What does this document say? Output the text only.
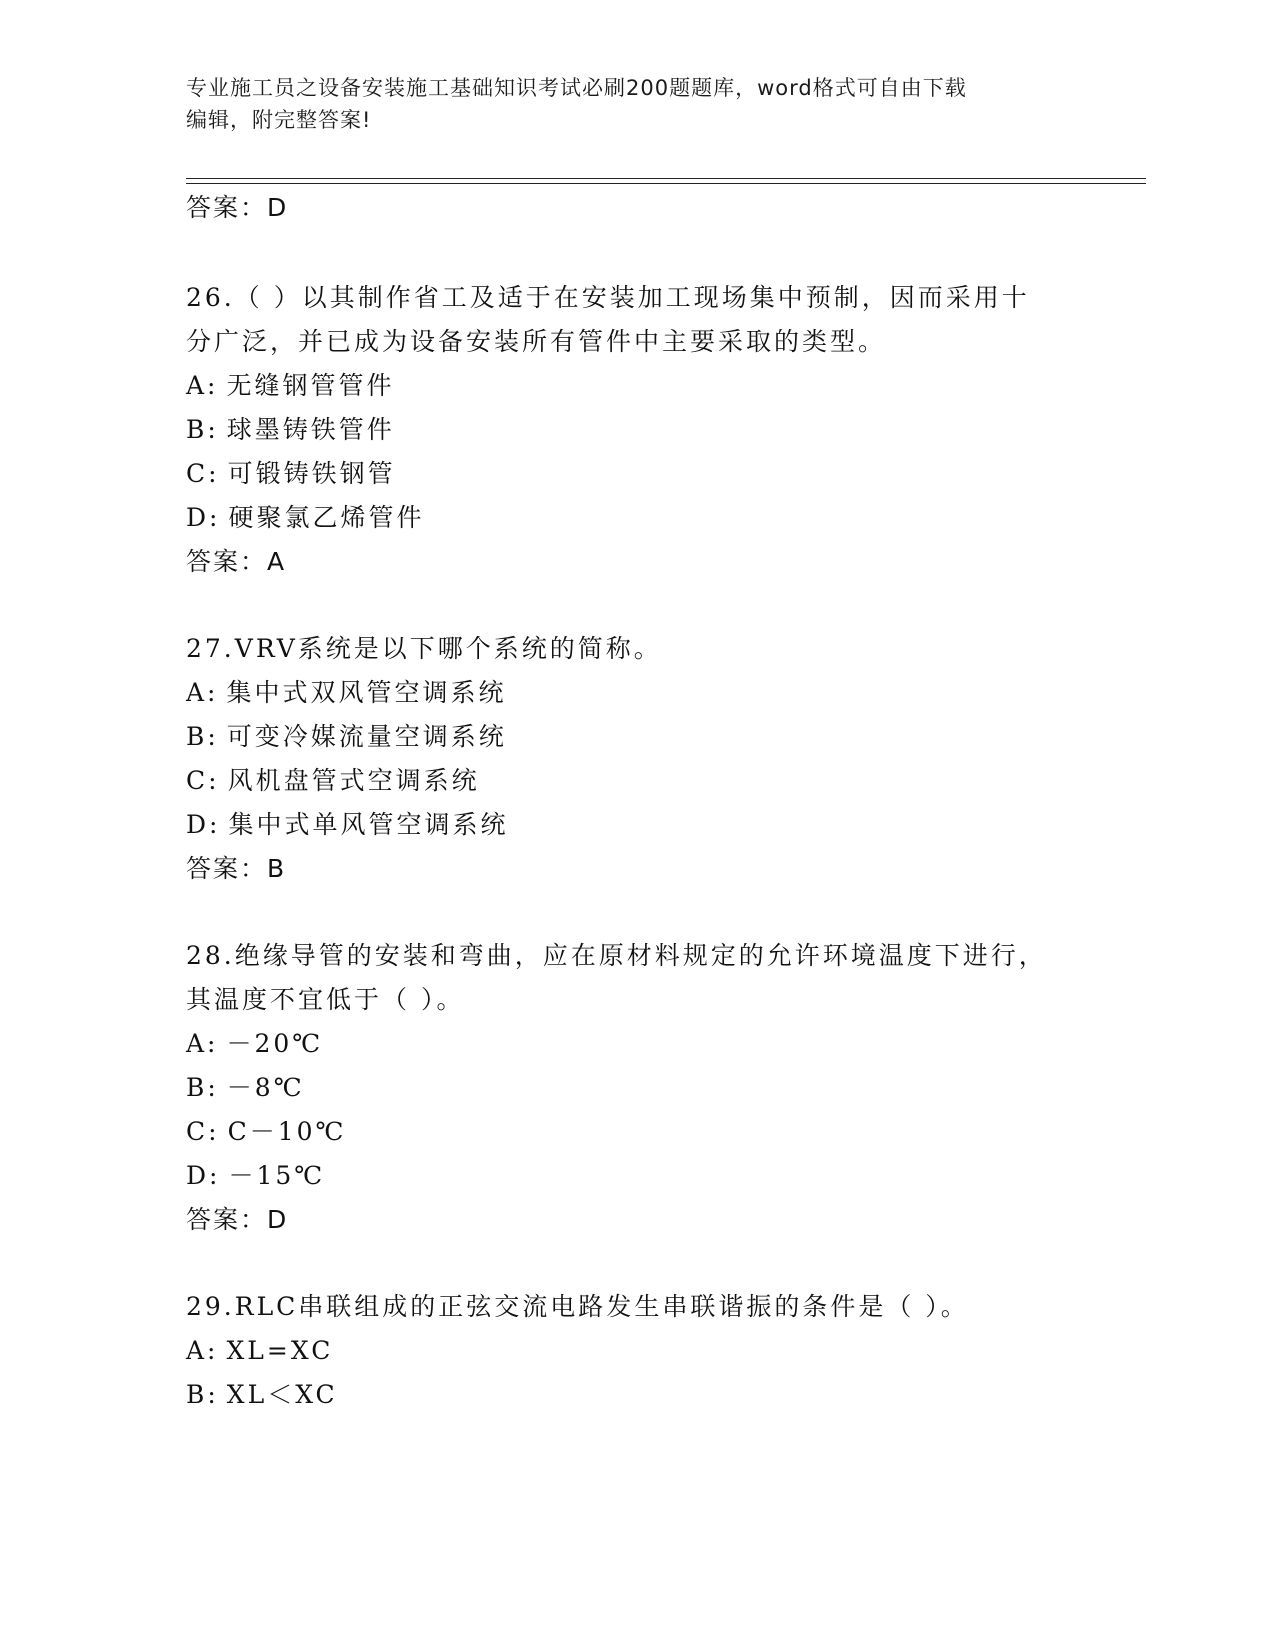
专业施工员之设备安装施工基础知识考试必刷200题题库，word格式可自由下载
编辑，附完整答案!
答案：D
26.（ ）以其制作省工及适于在安装加工现场集中预制，因而采用十
分广泛，并已成为设备安装所有管件中主要采取的类型。
A: 无缝钢管管件
B: 球墨铸铁管件
C: 可锻铸铁钢管
D: 硬聚氯乙烯管件
答案：A
27.VRV系统是以下哪个系统的简称。
A: 集中式双风管空调系统
B: 可变冷媒流量空调系统
C: 风机盘管式空调系统
D: 集中式单风管空调系统
答案：B
28.绝缘导管的安装和弯曲，应在原材料规定的允许环境温度下进行，
其温度不宜低于（ ）。
A: －20℃
B: －8℃
C: C－10℃
D: －15℃
答案：D
29.RLC串联组成的正弦交流电路发生串联谐振的条件是（ ）。
A: XL=XC
B: XL＜XC
